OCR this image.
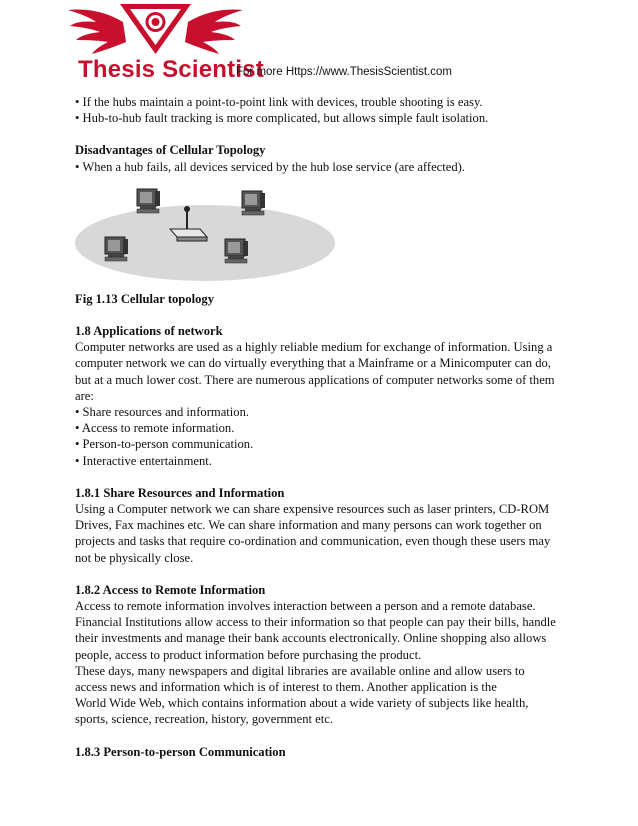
Thesis Scientist
For more Https://www.ThesisScientist.com

• If the hubs maintain a point-to-point link with devices, trouble shooting is easy.

• Hub-to-hub fault tracking is more complicated, but allows simple fault isolation.

Disadvantages of Cellular Topology

• When a hub fails, all devices serviced by the hub lose service (are affected).

Fig 1.13 Cellular topology

1.8 Applications of network

Computer networks are used as a highly reliable medium for exchange of information. Using a

computer network we can do virtually everything that a Mainframe or a Minicomputer can do,

but at a much lower cost. There are numerous applications of computer networks some of them

are:

• Share resources and information.

• Access to remote information.

• Person-to-person communication.

• Interactive entertainment.

1.8.1 Share Resources and Information

Using a Computer network we can share expensive resources such as laser printers, CD-ROM

Drives, Fax machines etc. We can share information and many persons can work together on

projects and tasks that require co-ordination and communication, even though these users may

not be physically close.

1.8.2 Access to Remote Information

Access to remote information involves interaction between a person and a remote database.

Financial Institutions allow access to their information so that people can pay their bills, handle

their investments and manage their bank accounts electronically. Online shopping also allows

people, access to product information before purchasing the product.

These days, many newspapers and digital libraries are available online and allow users to

access news and information which is of interest to them. Another application is the

World Wide Web, which contains information about a wide variety of subjects like health,

sports, science, recreation, history, government etc.

1.8.3 Person-to-person Communication
